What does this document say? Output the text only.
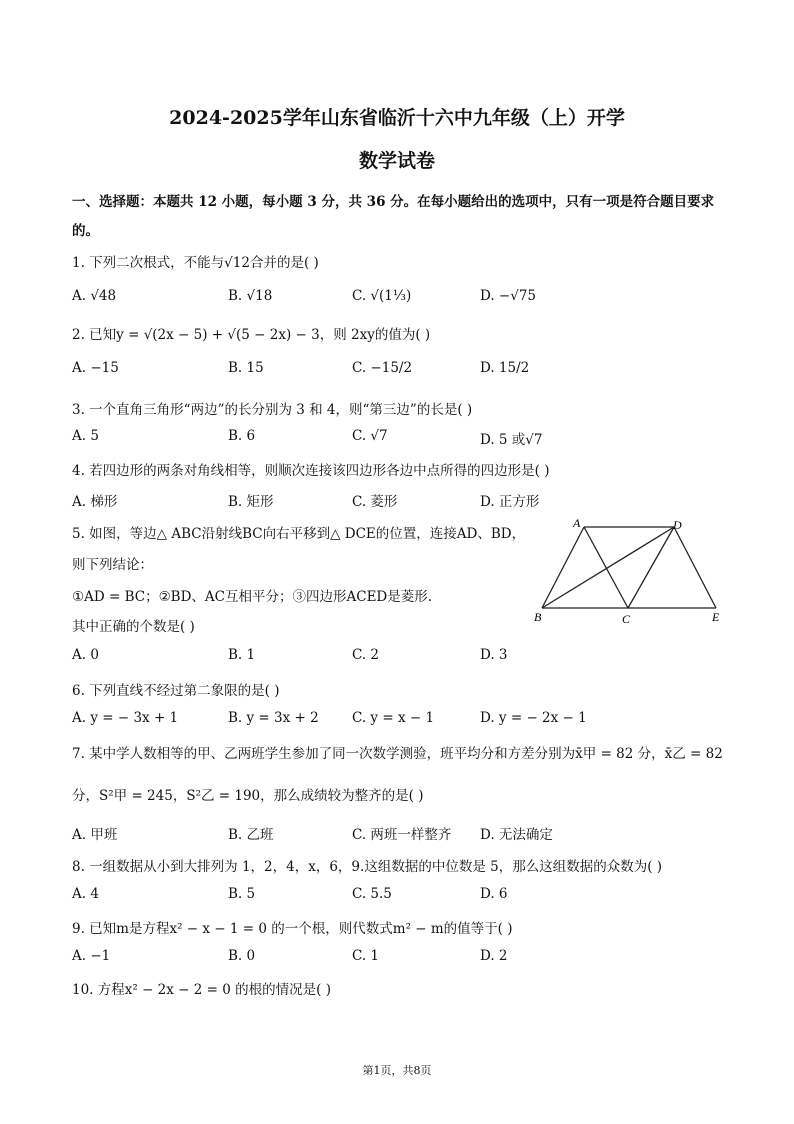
2024-2025学年山东省临沂十六中九年级（上）开学
数学试卷
一、选择题：本题共 12 小题，每小题 3 分，共 36 分。在每小题给出的选项中，只有一项是符合题目要求
的。
1. 下列二次根式，不能与√12合并的是( )
A. √48	B. √18	C. √(1⅓)	D. −√75
2. 已知y = √(2x − 5) + √(5 − 2x) − 3，则 2xy的值为( )
A. −15	B. 15	C. −15/2	D. 15/2
3. 一个直角三角形“两边”的长分别为 3 和 4，则“第三边”的长是( )
A. 5	B. 6	C. √7	D. 5 或√7
4. 若四边形的两条对角线相等，则顺次连接该四边形各边中点所得的四边形是( )
A. 梯形	B. 矩形	C. 菱形	D. 正方形
5. 如图，等边△ ABC沿射线BC向右平移到△ DCE的位置，连接AD、BD，
则下列结论：
①AD = BC；②BD、AC互相平分；③四边形ACED是菱形.
其中正确的个数是( )
A	D
B	C	E
A. 0	B. 1	C. 2	D. 3
6. 下列直线不经过第二象限的是( )
A. y = − 3x + 1	B. y = 3x + 2 C. y = x − 1	D. y = − 2x − 1
7. 某中学人数相等的甲、乙两班学生参加了同一次数学测验，班平均分和方差分别为x̄甲 = 82 分，x̄乙 = 82
分，S²甲 = 245，S²乙 = 190，那么成绩较为整齐的是( )
A. 甲班	B. 乙班	C. 两班一样整齐 D. 无法确定
8. 一组数据从小到大排列为 1，2，4，x，6，9.这组数据的中位数是 5，那么这组数据的众数为( )
A. 4	B. 5	C. 5.5	D. 6
9. 已知m是方程x² − x − 1 = 0 的一个根，则代数式m² − m的值等于( )
A. −1	B. 0	C. 1	D. 2
10. 方程x² − 2x − 2 = 0 的根的情况是( )
第1页，共8页
